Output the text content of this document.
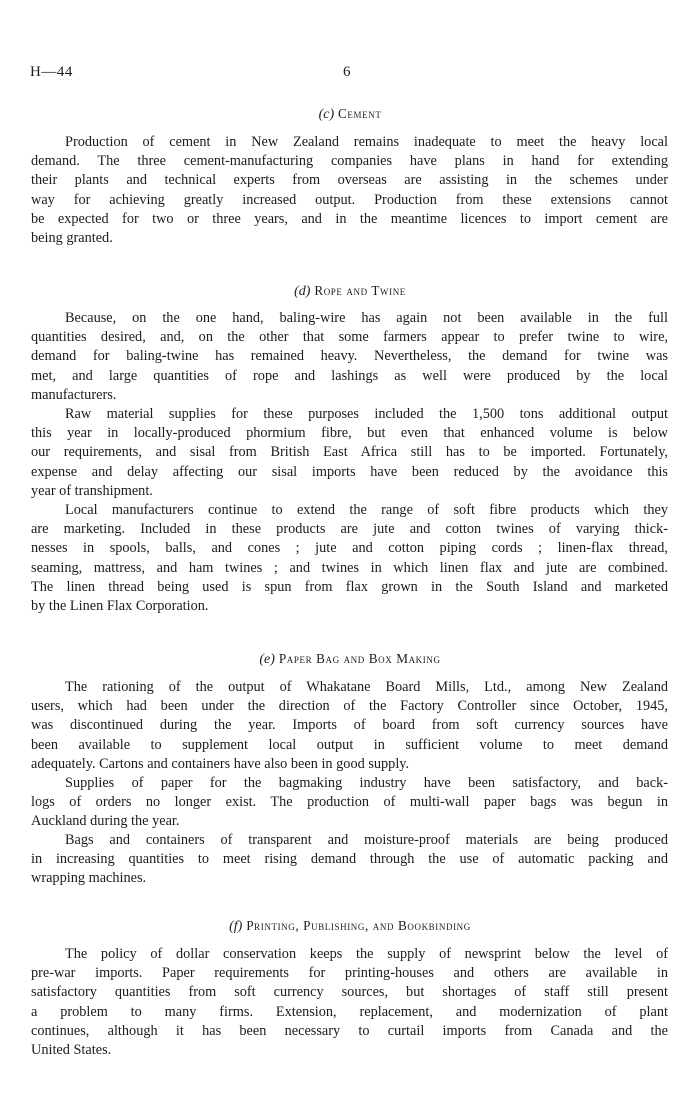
H—44	6
(c) Cement
Production of cement in New Zealand remains inadequate to meet the heavy local
demand. The three cement-manufacturing companies have plans in hand for extending
their plants and technical experts from overseas are assisting in the schemes under
way for achieving greatly increased output. Production from these extensions cannot
be expected for two or three years, and in the meantime licences to import cement are
being granted.
(d) Rope and Twine
Because, on the one hand, baling-wire has again not been available in the full
quantities desired, and, on the other that some farmers appear to prefer twine to wire,
demand for baling-twine has remained heavy. Nevertheless, the demand for twine was
met, and large quantities of rope and lashings as well were produced by the local
manufacturers.
Raw material supplies for these purposes included the 1,500 tons additional output
this year in locally-produced phormium fibre, but even that enhanced volume is below
our requirements, and sisal from British East Africa still has to be imported. Fortunately,
expense and delay affecting our sisal imports have been reduced by the avoidance this
year of transhipment.
Local manufacturers continue to extend the range of soft fibre products which they
are marketing. Included in these products are jute and cotton twines of varying thick-
nesses in spools, balls, and cones ; jute and cotton piping cords ; linen-flax thread,
seaming, mattress, and ham twines ; and twines in which linen flax and jute are combined.
The linen thread being used is spun from flax grown in the South Island and marketed
by the Linen Flax Corporation.
(e) Paper Bag and Box Making
The rationing of the output of Whakatane Board Mills, Ltd., among New Zealand
users, which had been under the direction of the Factory Controller since October, 1945,
was discontinued during the year. Imports of board from soft currency sources have
been available to supplement local output in sufficient volume to meet demand
adequately. Cartons and containers have also been in good supply.
Supplies of paper for the bagmaking industry have been satisfactory, and back-
logs of orders no longer exist. The production of multi-wall paper bags was begun in
Auckland during the year.
Bags and containers of transparent and moisture-proof materials are being produced
in increasing quantities to meet rising demand through the use of automatic packing and
wrapping machines.
(f) Printing, Publishing, and Bookbinding
The policy of dollar conservation keeps the supply of newsprint below the level of
pre-war imports. Paper requirements for printing-houses and others are available in
satisfactory quantities from soft currency sources, but shortages of staff still present
a problem to many firms. Extension, replacement, and modernization of plant
continues, although it has been necessary to curtail imports from Canada and the
United States.
